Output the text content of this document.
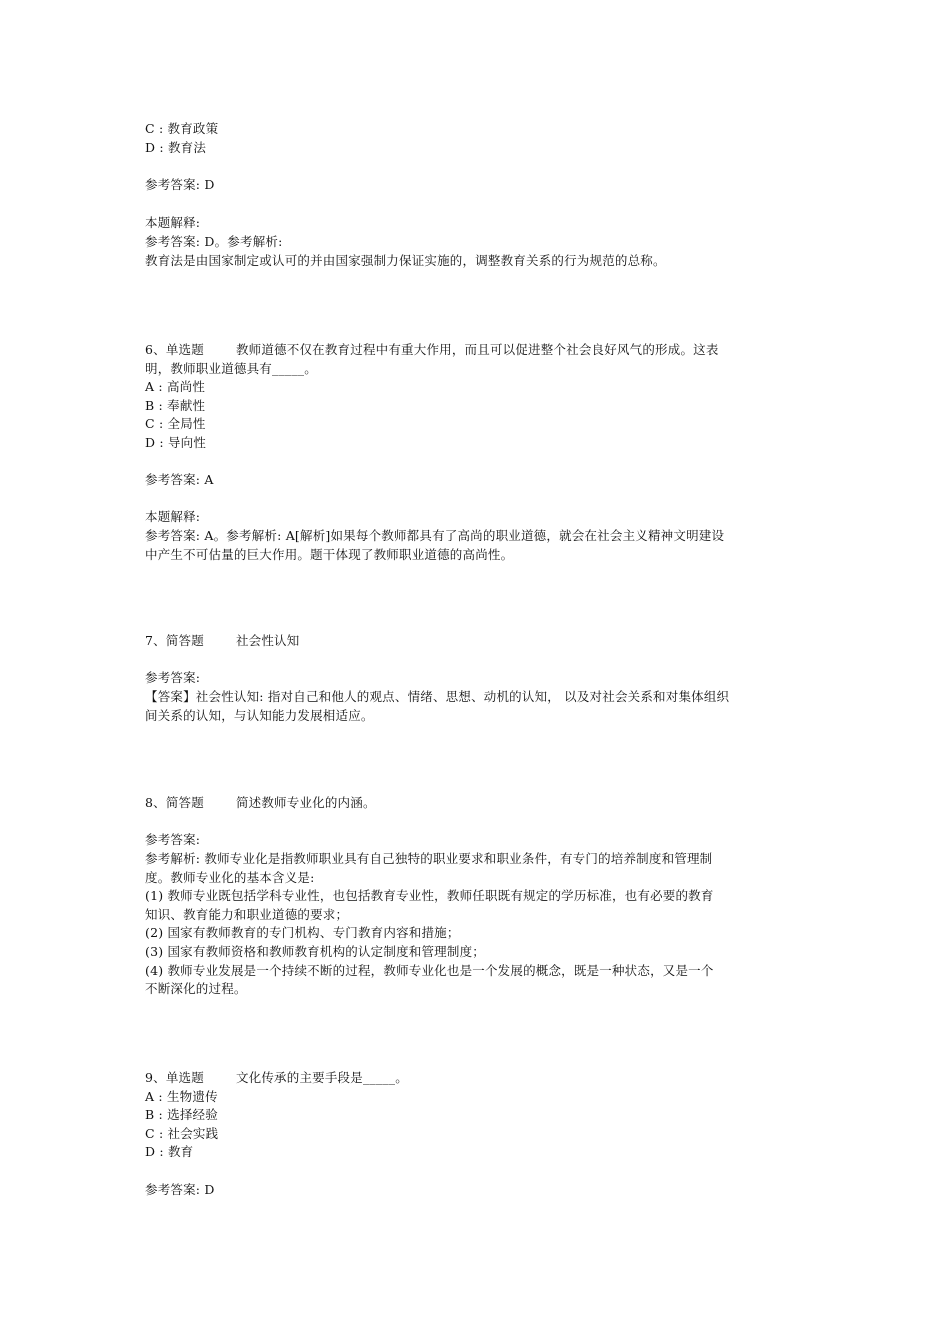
C : 教育政策
D : 教育法
参考答案: D
本题解释:
参考答案: D。参考解析:
教育法是由国家制定或认可的并由国家强制力保证实施的，调整教育关系的行为规范的总称。
6、单选题	教师道德不仅在教育过程中有重大作用，而且可以促进整个社会良好风气的形成。这表
明，教师职业道德具有_____。
A : 高尚性
B : 奉献性
C : 全局性
D : 导向性
参考答案: A
本题解释:
参考答案: A。参考解析: A[解析]如果每个教师都具有了高尚的职业道德，就会在社会主义精神文明建设
中产生不可估量的巨大作用。题干体现了教师职业道德的高尚性。
7、简答题	社会性认知
参考答案:
【答案】社会性认知: 指对自己和他人的观点、情绪、思想、动机的认知， 以及对社会关系和对集体组织
间关系的认知，与认知能力发展相适应。
8、简答题	简述教师专业化的内涵。
参考答案:
参考解析: 教师专业化是指教师职业具有自己独特的职业要求和职业条件，有专门的培养制度和管理制
度。教师专业化的基本含义是:
(1) 教师专业既包括学科专业性，也包括教育专业性，教师任职既有规定的学历标准，也有必要的教育
知识、教育能力和职业道德的要求；
(2) 国家有教师教育的专门机构、专门教育内容和措施；
(3) 国家有教师资格和教师教育机构的认定制度和管理制度；
(4) 教师专业发展是一个持续不断的过程，教师专业化也是一个发展的概念，既是一种状态，又是一个
不断深化的过程。
9、单选题	文化传承的主要手段是_____。
A : 生物遗传
B : 选择经验
C : 社会实践
D : 教育
参考答案: D
